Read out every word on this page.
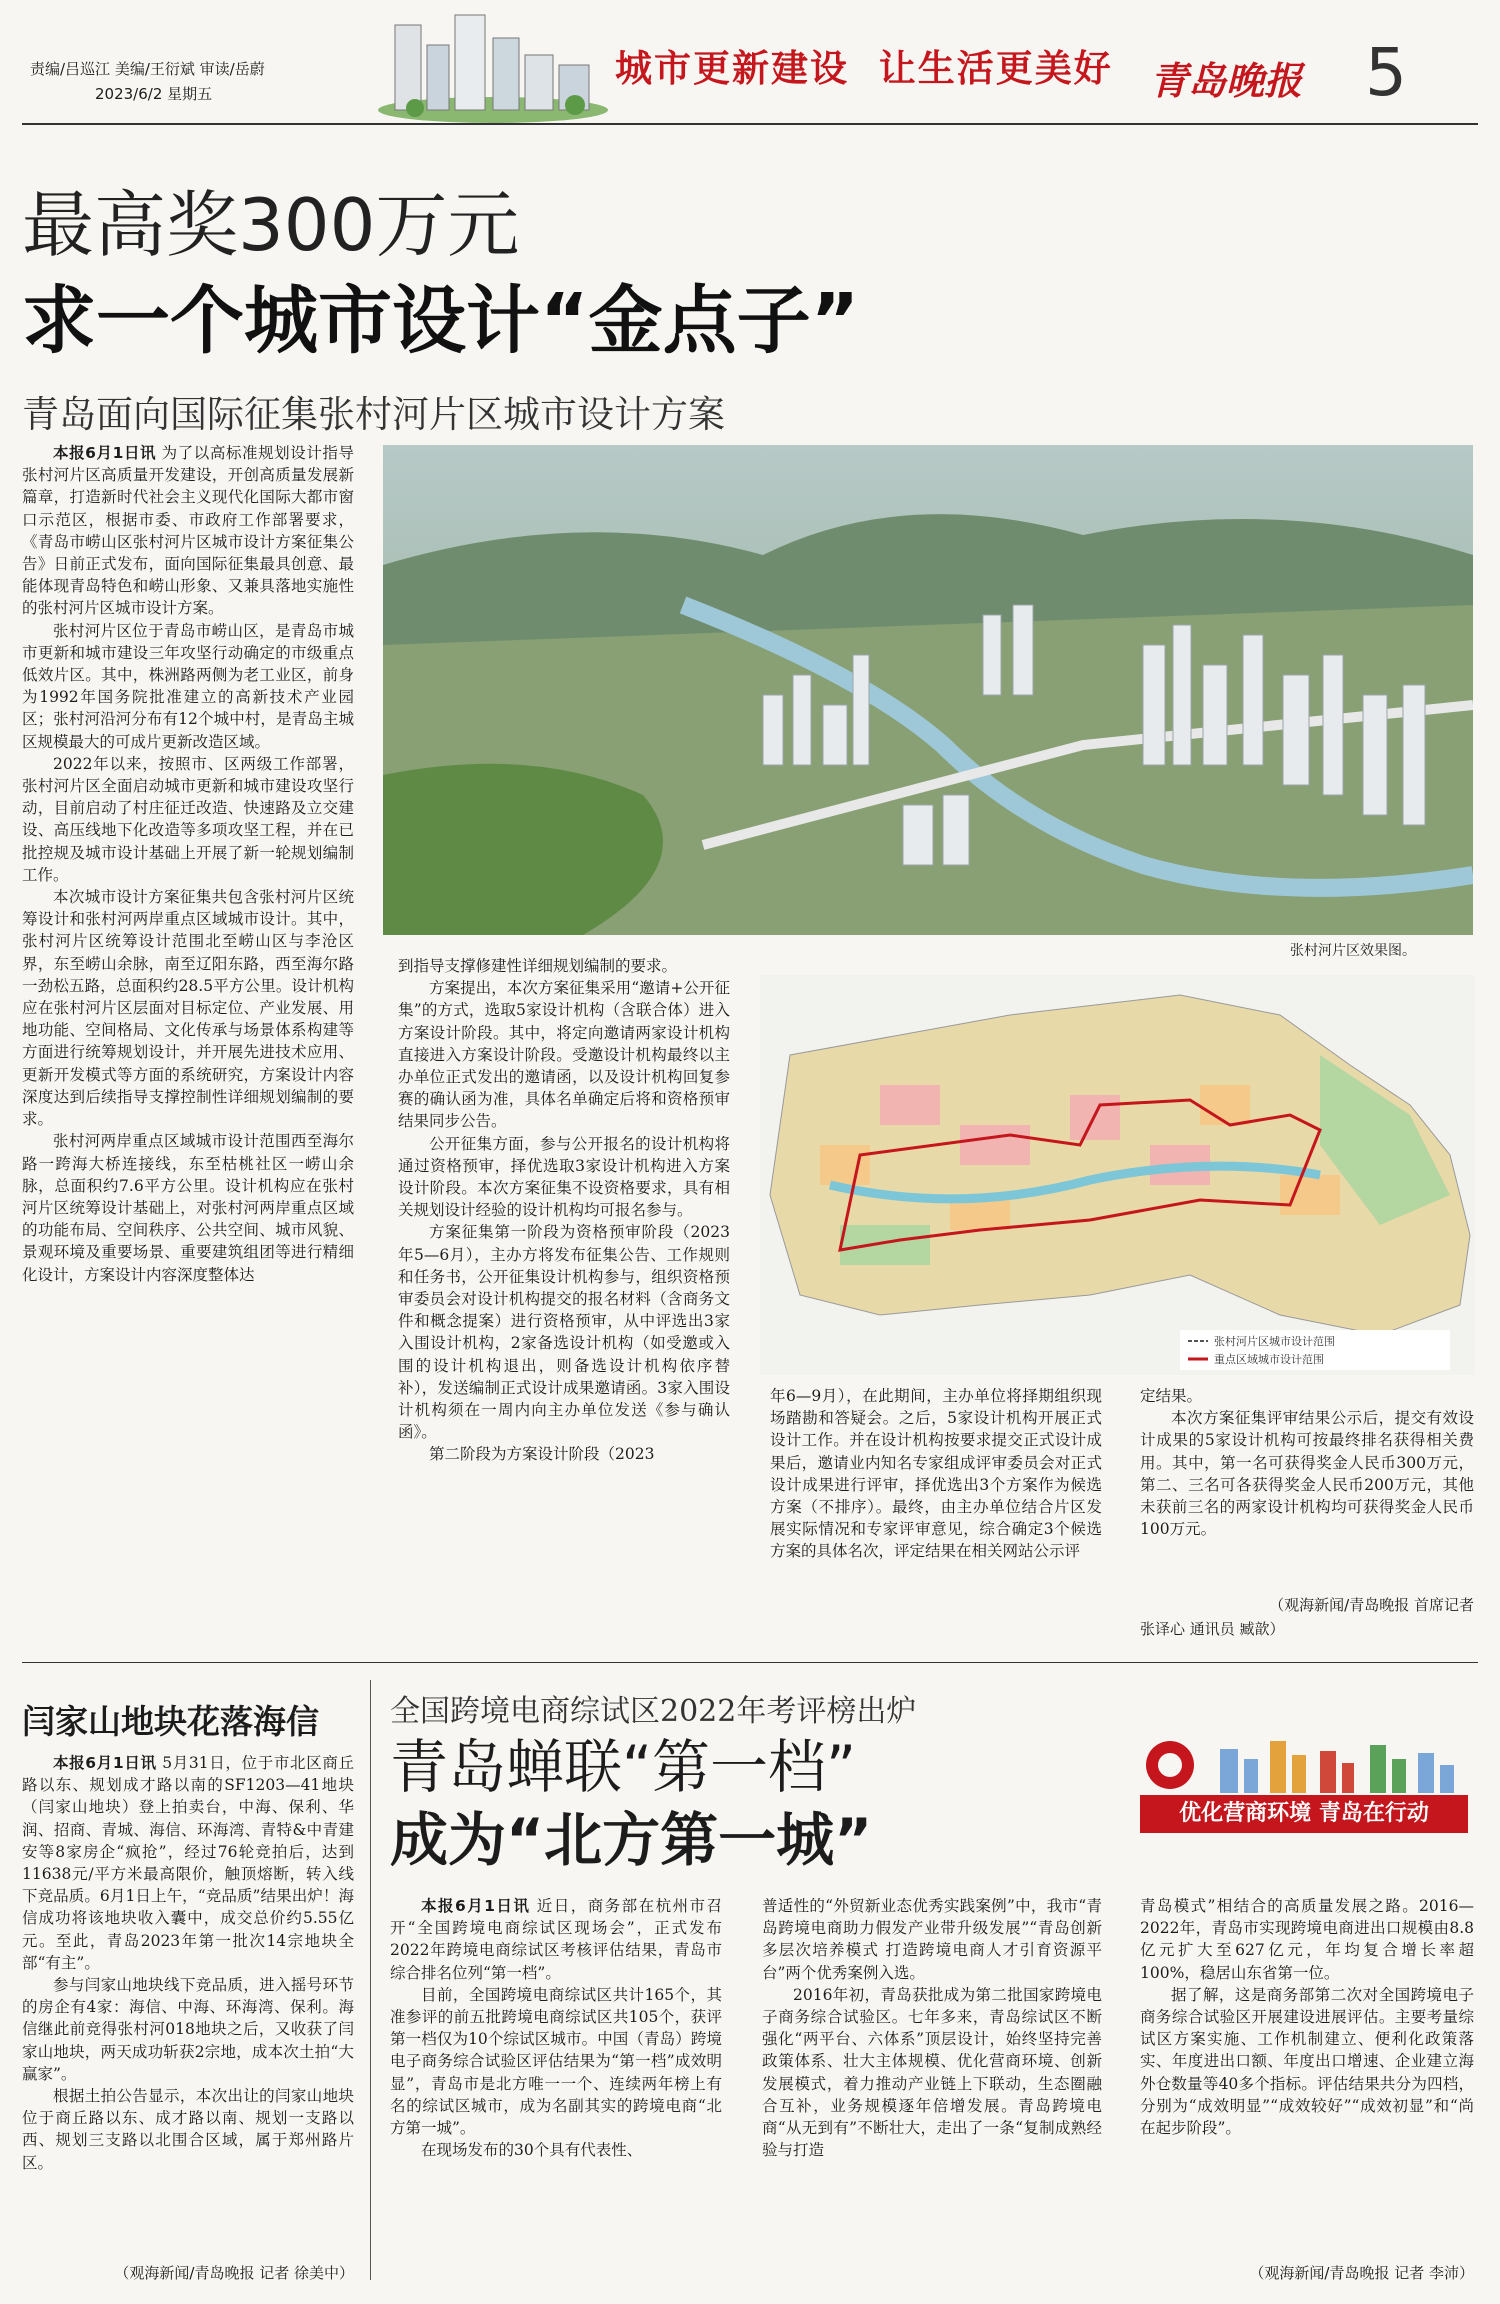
责编/吕巡江 美编/王衍斌 审读/岳蔚
2023/6/2 星期五
城市更新建设  让生活更美好 青岛晚报 5
最高奖300万元
求一个城市设计“金点子”
青岛面向国际征集张村河片区城市设计方案
张村河片区效果图。
张村河片区城市设计范围
重点区域城市设计范围

本报6月1日讯 为了以高标准规划设计指导张村河片区高质量开发建设，开创高质量发展新篇章，打造新时代社会主义现代化国际大都市窗口示范区，根据市委、市政府工作部署要求，《青岛市崂山区张村河片区城市设计方案征集公告》日前正式发布，面向国际征集最具创意、最能体现青岛特色和崂山形象、又兼具落地实施性的张村河片区城市设计方案。

张村河片区位于青岛市崂山区，是青岛市城市更新和城市建设三年攻坚行动确定的市级重点低效片区。其中，株洲路两侧为老工业区，前身为1992年国务院批准建立的高新技术产业园区；张村河沿河分布有12个城中村，是青岛主城区规模最大的可成片更新改造区域。

2022年以来，按照市、区两级工作部署，张村河片区全面启动城市更新和城市建设攻坚行动，目前启动了村庄征迁改造、快速路及立交建设、高压线地下化改造等多项攻坚工程，并在已批控规及城市设计基础上开展了新一轮规划编制工作。

本次城市设计方案征集共包含张村河片区统筹设计和张村河两岸重点区域城市设计。其中，张村河片区统筹设计范围北至崂山区与李沧区界，东至崂山余脉，南至辽阳东路，西至海尔路一劲松五路，总面积约28.5平方公里。设计机构应在张村河片区层面对目标定位、产业发展、用地功能、空间格局、文化传承与场景体系构建等方面进行统筹规划设计，并开展先进技术应用、更新开发模式等方面的系统研究，方案设计内容深度达到后续指导支撑控制性详细规划编制的要求。

张村河两岸重点区域城市设计范围西至海尔路一跨海大桥连接线，东至枯桃社区一崂山余脉，总面积约7.6平方公里。设计机构应在张村河片区统筹设计基础上，对张村河两岸重点区域的功能布局、空间秩序、公共空间、城市风貌、景观环境及重要场景、重要建筑组团等进行精细化设计，方案设计内容深度整体达

到指导支撑修建性详细规划编制的要求。

方案提出，本次方案征集采用“邀请+公开征集”的方式，选取5家设计机构（含联合体）进入方案设计阶段。其中，将定向邀请两家设计机构直接进入方案设计阶段。受邀设计机构最终以主办单位正式发出的邀请函，以及设计机构回复参赛的确认函为准，具体名单确定后将和资格预审结果同步公告。

公开征集方面，参与公开报名的设计机构将通过资格预审，择优选取3家设计机构进入方案设计阶段。本次方案征集不设资格要求，具有相关规划设计经验的设计机构均可报名参与。

方案征集第一阶段为资格预审阶段（2023年5—6月），主办方将发布征集公告、工作规则和任务书，公开征集设计机构参与，组织资格预审委员会对设计机构提交的报名材料（含商务文件和概念提案）进行资格预审，从中评选出3家入围设计机构，2家备选设计机构（如受邀或入围的设计机构退出，则备选设计机构依序替补），发送编制正式设计成果邀请函。3家入围设计机构须在一周内向主办单位发送《参与确认函》。

第二阶段为方案设计阶段（2023

年6—9月），在此期间，主办单位将择期组织现场踏勘和答疑会。之后，5家设计机构开展正式设计工作。并在设计机构按要求提交正式设计成果后，邀请业内知名专家组成评审委员会对正式设计成果进行评审，择优选出3个方案作为候选方案（不排序）。最终，由主办单位结合片区发展实际情况和专家评审意见，综合确定3个候选方案的具体名次，评定结果在相关网站公示评

定结果。

本次方案征集评审结果公示后，提交有效设计成果的5家设计机构可按最终排名获得相关费用。其中，第一名可获得奖金人民币300万元，第二、三名可各获得奖金人民币200万元，其他未获前三名的两家设计机构均可获得奖金人民币100万元。

（观海新闻/青岛晚报 首席记者
张译心 通讯员 臧歆）
闫家山地块花落海信

本报6月1日讯 5月31日，位于市北区商丘路以东、规划成才路以南的SF1203—41地块（闫家山地块）登上拍卖台，中海、保利、华润、招商、青城、海信、环海湾、青特&中青建安等8家房企“疯抢”，经过76轮竞拍后，达到11638元/平方米最高限价，触顶熔断，转入线下竞品质。6月1日上午，“竞品质”结果出炉！海信成功将该地块收入囊中，成交总价约5.55亿元。至此，青岛2023年第一批次14宗地块全部“有主”。

参与闫家山地块线下竞品质，进入摇号环节的房企有4家：海信、中海、环海湾、保利。海信继此前竞得张村河018地块之后，又收获了闫家山地块，两天成功斩获2宗地，成本次土拍“大赢家”。

根据土拍公告显示，本次出让的闫家山地块位于商丘路以东、成才路以南、规划一支路以西、规划三支路以北围合区域，属于郑州路片区。

（观海新闻/青岛晚报 记者 徐美中）
全国跨境电商综试区2022年考评榜出炉
青岛蝉联“第一档”
成为“北方第一城”	优化营商环境 青岛在行动

本报6月1日讯 近日，商务部在杭州市召开“全国跨境电商综试区现场会”，正式发布2022年跨境电商综试区考核评估结果，青岛市综合排名位列“第一档”。

目前，全国跨境电商综试区共计165个，其准参评的前五批跨境电商综试区共105个，获评第一档仅为10个综试区城市。中国（青岛）跨境电子商务综合试验区评估结果为“第一档”成效明显”，青岛市是北方唯一一个、连续两年榜上有名的综试区城市，成为名副其实的跨境电商“北方第一城”。

在现场发布的30个具有代表性、

普适性的“外贸新业态优秀实践案例”中，我市“青岛跨境电商助力假发产业带升级发展”“青岛创新多层次培养模式 打造跨境电商人才引育资源平台”两个优秀案例入选。

2016年初，青岛获批成为第二批国家跨境电子商务综合试验区。七年多来，青岛综试区不断强化“两平台、六体系”顶层设计，始终坚持完善政策体系、壮大主体规模、优化营商环境、创新发展模式，着力推动产业链上下联动，生态圈融合互补，业务规模逐年倍增发展。青岛跨境电商“从无到有”不断壮大，走出了一条“复制成熟经验与打造

青岛模式”相结合的高质量发展之路。2016—2022年，青岛市实现跨境电商进出口规模由8.8亿元扩大至627亿元，年均复合增长率超100%，稳居山东省第一位。

据了解，这是商务部第二次对全国跨境电子商务综合试验区开展建设进展评估。主要考量综试区方案实施、工作机制建立、便利化政策落实、年度进出口额、年度出口增速、企业建立海外仓数量等40多个指标。评估结果共分为四档，分别为“成效明显”“成效较好”“成效初显”和“尚在起步阶段”。

（观海新闻/青岛晚报 记者 李沛）
